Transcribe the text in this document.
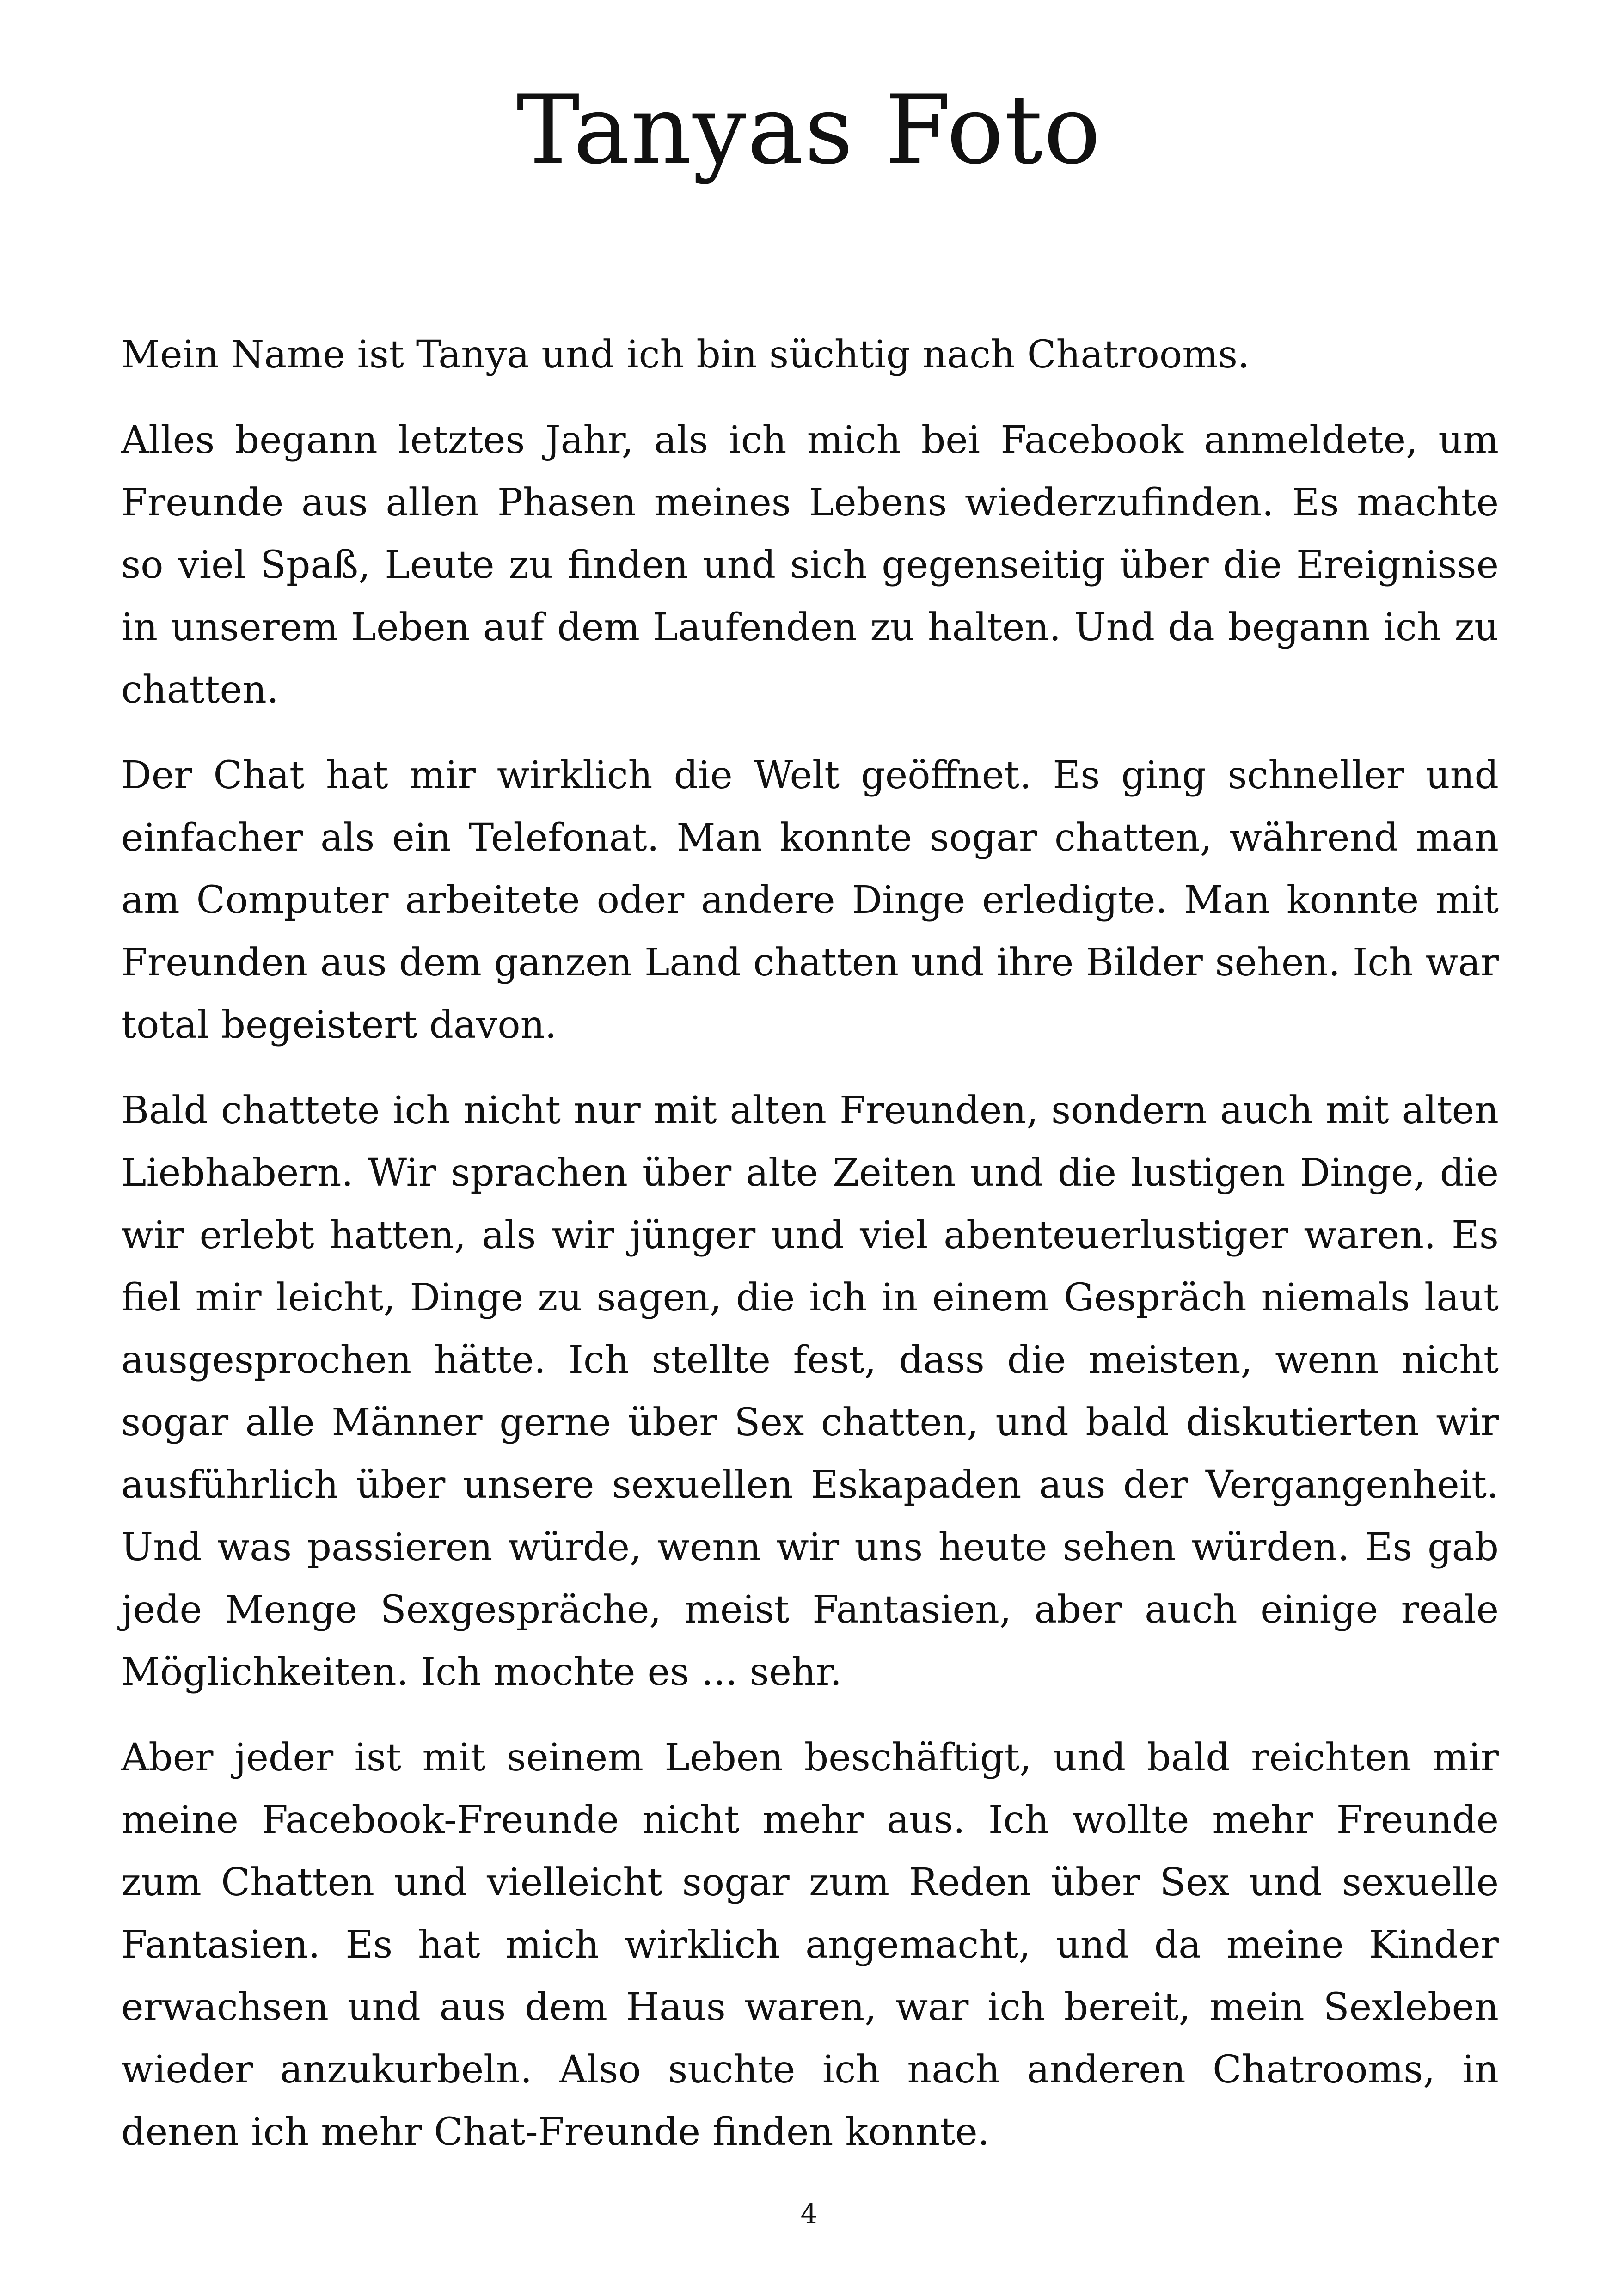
Tanyas Foto

Mein Name ist Tanya und ich bin süchtig nach Chatrooms.

Alles begann letztes Jahr, als ich mich bei Facebook anmeldete, um Freunde aus allen Phasen meines Lebens wiederzufinden. Es machte so viel Spaß, Leute zu finden und sich gegenseitig über die Ereignisse in unserem Leben auf dem Laufenden zu halten. Und da begann ich zu chatten.

Der Chat hat mir wirklich die Welt geöffnet. Es ging schneller und einfacher als ein Telefonat. Man konnte sogar chatten, während man am Computer arbeitete oder andere Dinge erledigte. Man konnte mit Freunden aus dem ganzen Land chatten und ihre Bilder sehen. Ich war total begeistert davon.

Bald chattete ich nicht nur mit alten Freunden, sondern auch mit alten Liebhabern. Wir sprachen über alte Zeiten und die lustigen Dinge, die wir erlebt hatten, als wir jünger und viel abenteuerlustiger waren. Es fiel mir leicht, Dinge zu sagen, die ich in einem Gespräch niemals laut ausgesprochen hätte. Ich stellte fest, dass die meisten, wenn nicht sogar alle Männer gerne über Sex chatten, und bald diskutierten wir ausführlich über unsere sexuellen Eskapaden aus der Vergangenheit. Und was passieren würde, wenn wir uns heute sehen würden. Es gab jede Menge Sexgespräche, meist Fantasien, aber auch einige reale Möglichkeiten. Ich mochte es ... sehr.

Aber jeder ist mit seinem Leben beschäftigt, und bald reichten mir meine Facebook-Freunde nicht mehr aus. Ich wollte mehr Freunde zum Chatten und vielleicht sogar zum Reden über Sex und sexuelle Fantasien. Es hat mich wirklich angemacht, und da meine Kinder erwachsen und aus dem Haus waren, war ich bereit, mein Sexleben wieder anzukurbeln. Also suchte ich nach anderen Chatrooms, in denen ich mehr Chat-Freunde finden konnte.

4
